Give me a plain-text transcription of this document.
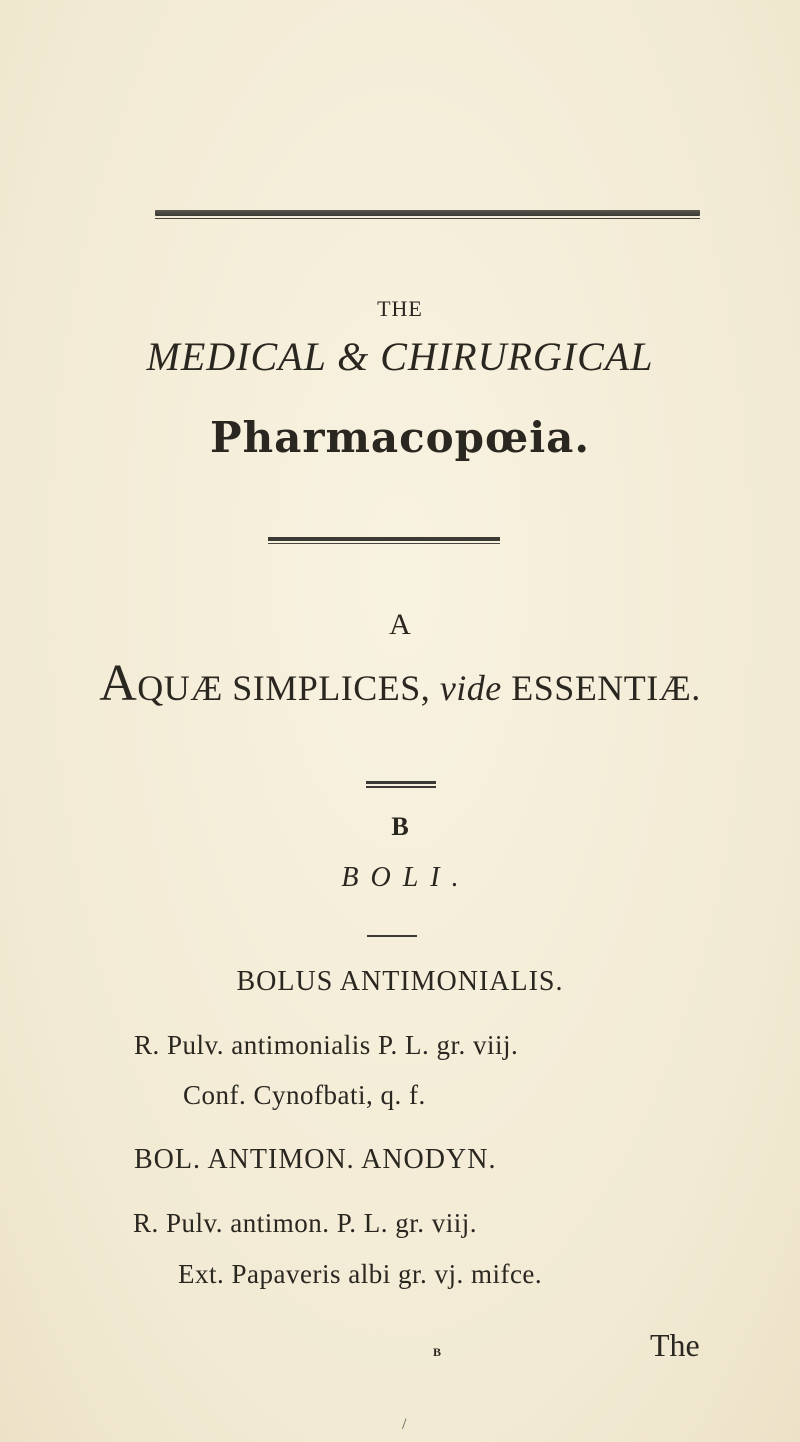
THE
MEDICAL & CHIRURGICAL
Pharmacopœia.
A
AQUÆ SIMPLICES, vide ESSENTIÆ.
B
BOLI.
BOLUS ANTIMONIALIS.
R. Pulv. antimonialis P. L. gr. viij.
Conf. Cynofbati, q. f.
BOL. ANTIMON. ANODYN.
R. Pulv. antimon. P. L. gr. viij.
Ext. Papaveris albi gr. vj. mifce.
B	The
/
